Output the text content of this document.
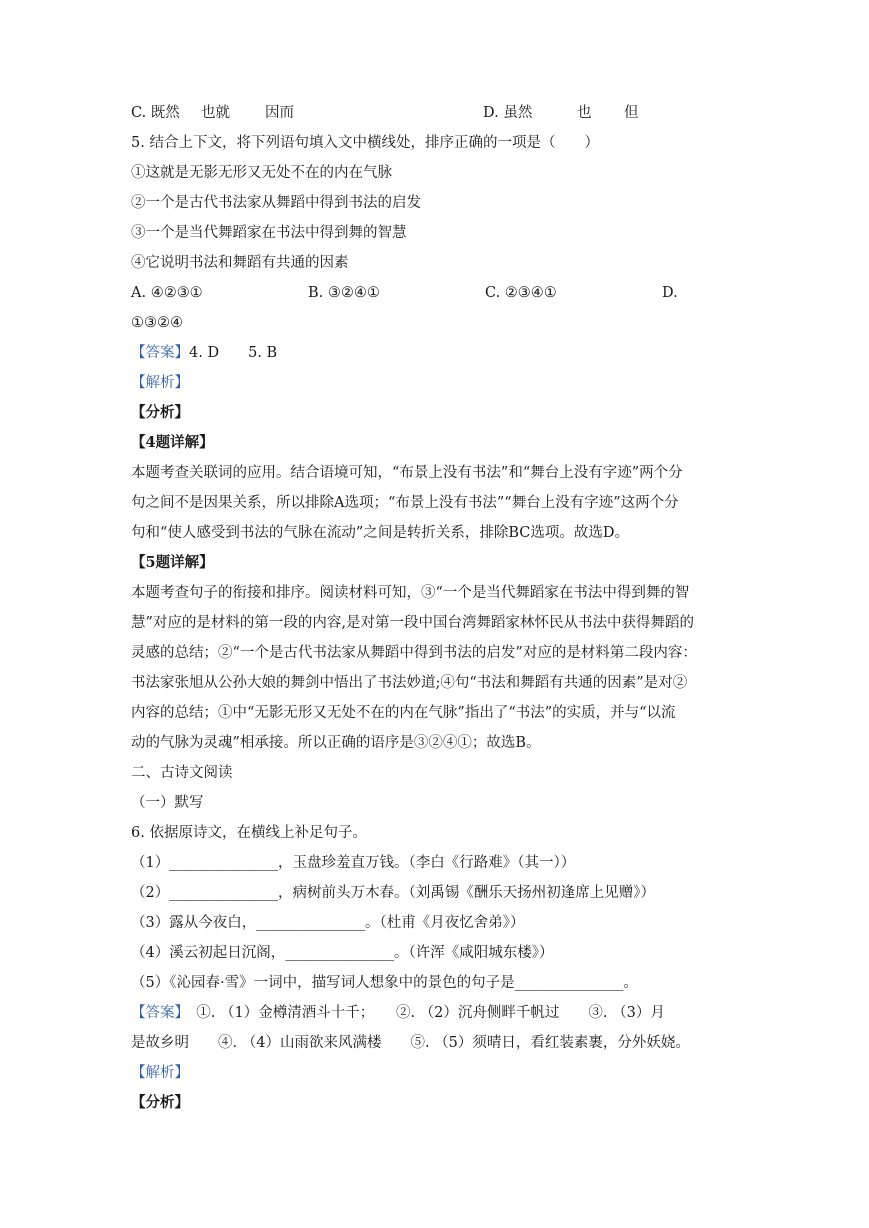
C. 既然 也就 因而	D. 虽然	也 但
5. 结合上下文，将下列语句填入文中横线处，排序正确的一项是（　　）
①这就是无影无形又无处不在的内在气脉
②一个是古代书法家从舞蹈中得到书法的启发
③一个是当代舞蹈家在书法中得到舞的智慧
④它说明书法和舞蹈有共通的因素
A. ④②③①	B. ③②④①	C. ②③④①	D.
①③②④
【答案】4. D　　5. B
【解析】
【分析】
【4题详解】
本题考查关联词的应用。结合语境可知，“布景上没有书法”和“舞台上没有字迹”两个分
句之间不是因果关系，所以排除A选项；“布景上没有书法”“舞台上没有字迹”这两个分
句和“使人感受到书法的气脉在流动”之间是转折关系，排除BC选项。故选D。
【5题详解】
本题考查句子的衔接和排序。阅读材料可知，③“一个是当代舞蹈家在书法中得到舞的智
慧”对应的是材料的第一段的内容,是对第一段中国台湾舞蹈家林怀民从书法中获得舞蹈的
灵感的总结；②“一个是古代书法家从舞蹈中得到书法的启发”对应的是材料第二段内容：
书法家张旭从公孙大娘的舞剑中悟出了书法妙道;④句“书法和舞蹈有共通的因素”是对②
内容的总结；①中“无影无形又无处不在的内在气脉”指出了“书法”的实质，并与“以流
动的气脉为灵魂”相承接。所以正确的语序是③②④①；故选B。
二、古诗文阅读
（一）默写
6. 依据原诗文，在横线上补足句子。
（1）_______________，玉盘珍羞直万钱。（李白《行路难》（其一））
（2）_______________，病树前头万木春。（刘禹锡《酬乐天扬州初逢席上见赠》）
（3）露从今夜白，_______________。（杜甫《月夜忆舍弟》）
（4）溪云初起日沉阁，_______________。（许浑《咸阳城东楼》）
（5）《沁园春·雪》一词中，描写词人想象中的景色的句子是_______________。
【答案】　①. （1）金樽清酒斗十千；　　②. （2）沉舟侧畔千帆过　　③. （3）月
是故乡明　　④. （4）山雨欲来风满楼　　⑤. （5）须晴日，看红装素裹，分外妖娆。
【解析】
【分析】
